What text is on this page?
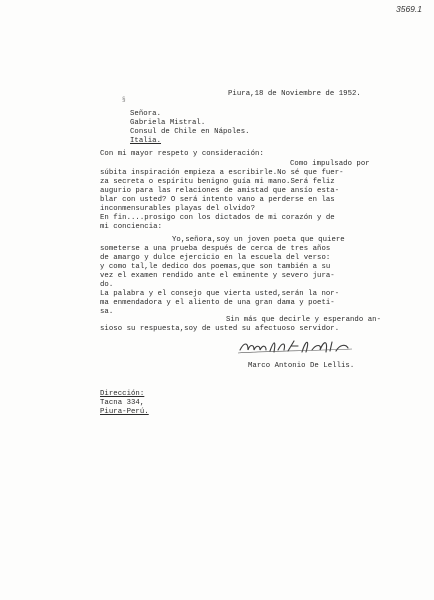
3569.1
§
Piura,18 de Noviembre de 1952.
Señora.
Gabriela Mistral.
Consul de Chile en Nápoles.
Italia.
Con mi mayor respeto y consideración:
Como impulsado por
súbita inspiración empieza a escribirle.No sé que fuer-
za secreta o espíritu benigno guía mi mano.Será feliz
augurio para las relaciones de amistad que ansío esta-
blar con usted? O será intento vano a perderse en las
inconmensurables playas del olvido?
En fin....prosigo con los dictados de mi corazón y de
mi conciencia:
Yo,señora,soy un joven poeta que quiere
someterse a una prueba después de cerca de tres años
de amargo y dulce ejercicio en la escuela del verso:
y como tal,le dedico dos poemas,que son también a su
vez el examen rendido ante el eminente y severo jura-
do.
La palabra y el consejo que vierta usted,serán la nor-
ma enmendadora y el aliento de una gran dama y poeti-
sa.
Sin más que decirle y esperando an-
sioso su respuesta,soy de usted su afectuoso servidor.
Marco Antonio De Lellis.
Dirección:
Tacna 334,
Piura-Perú.
